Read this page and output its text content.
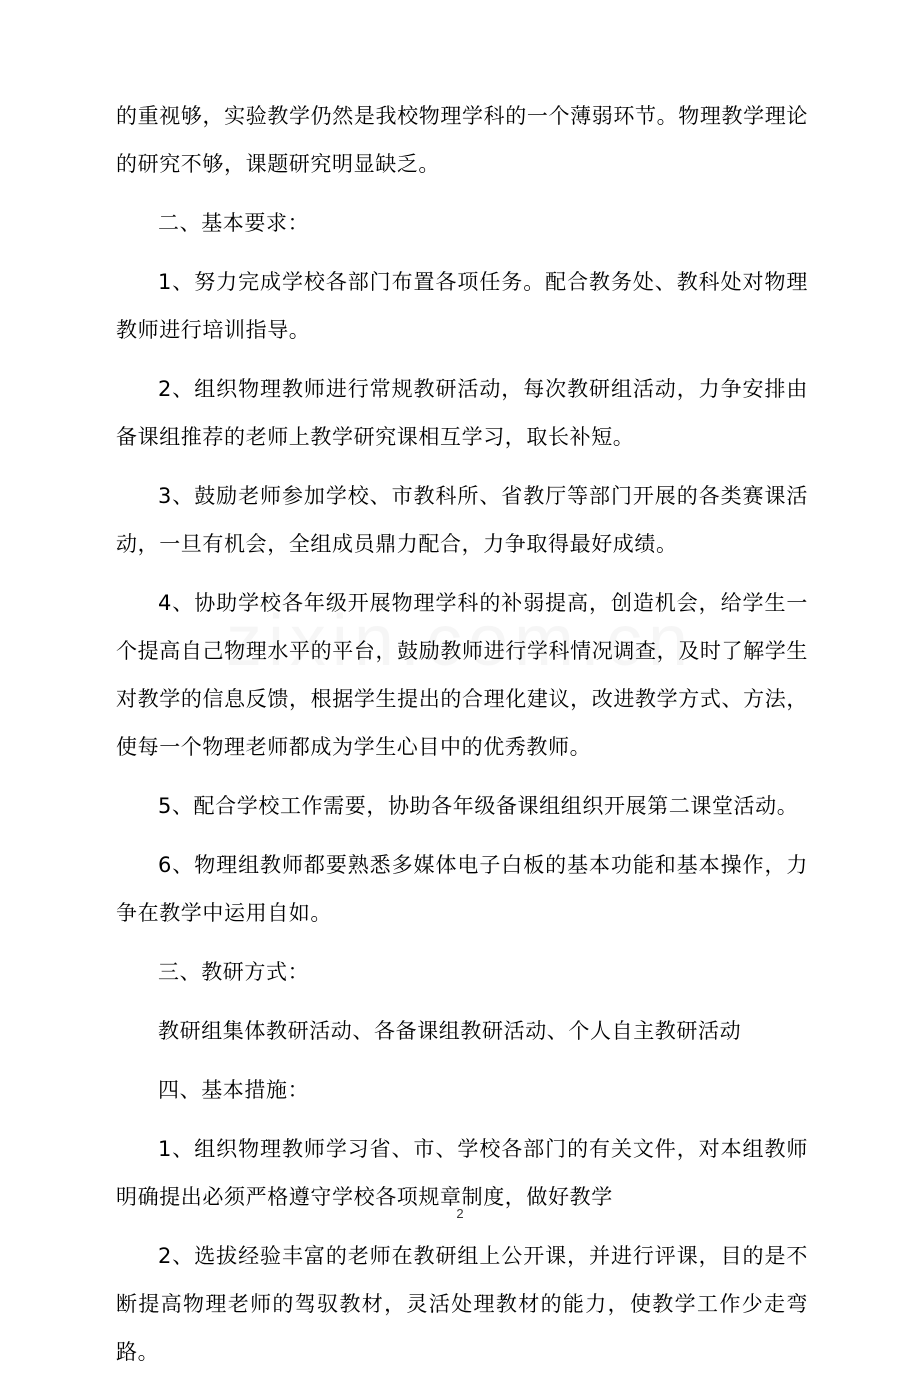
的重视够，实验教学仍然是我校物理学科的一个薄弱环节。物理教学理论的研究不够，课题研究明显缺乏。

二、基本要求：

1、努力完成学校各部门布置各项任务。配合教务处、教科处对物理教师进行培训指导。

2、组织物理教师进行常规教研活动，每次教研组活动，力争安排由备课组推荐的老师上教学研究课相互学习，取长补短。

3、鼓励老师参加学校、市教科所、省教厅等部门开展的各类赛课活动，一旦有机会，全组成员鼎力配合，力争取得最好成绩。

4、协助学校各年级开展物理学科的补弱提高，创造机会，给学生一个提高自己物理水平的平台，鼓励教师进行学科情况调查，及时了解学生对教学的信息反馈，根据学生提出的合理化建议，改进教学方式、方法，使每一个物理老师都成为学生心目中的优秀教师。

5、配合学校工作需要，协助各年级备课组组织开展第二课堂活动。

6、物理组教师都要熟悉多媒体电子白板的基本功能和基本操作，力争在教学中运用自如。

三、教研方式：

教研组集体教研活动、各备课组教研活动、个人自主教研活动

四、基本措施：

1、组织物理教师学习省、市、学校各部门的有关文件，对本组教师明确提出必须严格遵守学校各项规章制度，做好教学

2、选拔经验丰富的老师在教研组上公开课，并进行评课，目的是不断提高物理老师的驾驭教材，灵活处理教材的能力，使教学工作少走弯路。

2
